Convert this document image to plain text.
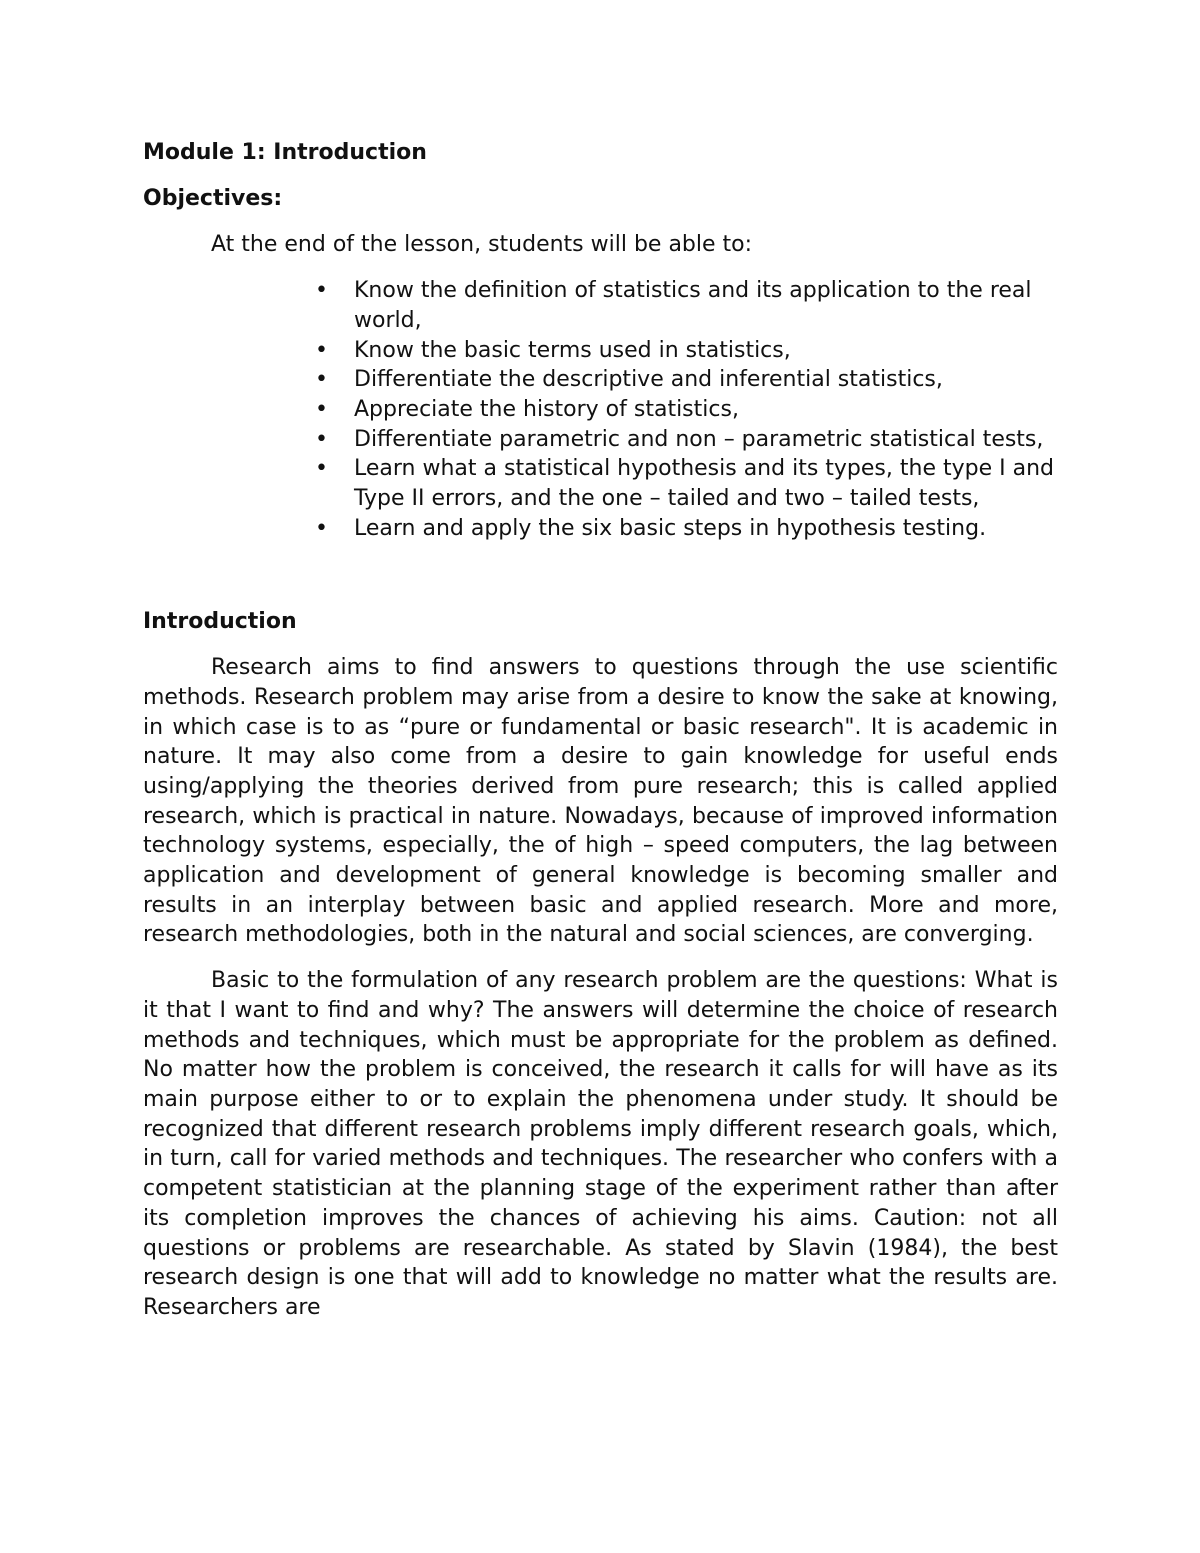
Module 1: Introduction

Objectives:

At the end of the lesson, students will be able to:

• Know the definition of statistics and its application to the real world,
• Know the basic terms used in statistics,
• Differentiate the descriptive and inferential statistics,
• Appreciate the history of statistics,
• Differentiate parametric and non – parametric statistical tests,
• Learn what a statistical hypothesis and its types, the type I and Type II errors, and the one – tailed and two – tailed tests,
• Learn and apply the six basic steps in hypothesis testing.

Introduction

Research aims to find answers to questions through the use scientific methods. Research problem may arise from a desire to know the sake at knowing, in which case is to as “pure or fundamental or basic research". It is academic in nature. It may also come from a desire to gain knowledge for useful ends using/applying the theories derived from pure research; this is called applied research, which is practical in nature. Nowadays, because of improved information technology systems, especially, the of high – speed computers, the lag between application and development of general knowledge is becoming smaller and results in an interplay between basic and applied research. More and more, research methodologies, both in the natural and social sciences, are converging.

Basic to the formulation of any research problem are the questions: What is it that I want to find and why? The answers will determine the choice of research methods and techniques, which must be appropriate for the problem as defined. No matter how the problem is conceived, the research it calls for will have as its main purpose either to or to explain the phenomena under study. It should be recognized that different research problems imply different research goals, which, in turn, call for varied methods and techniques. The researcher who confers with a competent statistician at the planning stage of the experiment rather than after its completion improves the chances of achieving his aims. Caution: not all questions or problems are researchable. As stated by Slavin (1984), the best research design is one that will add to knowledge no matter what the results are. Researchers are
